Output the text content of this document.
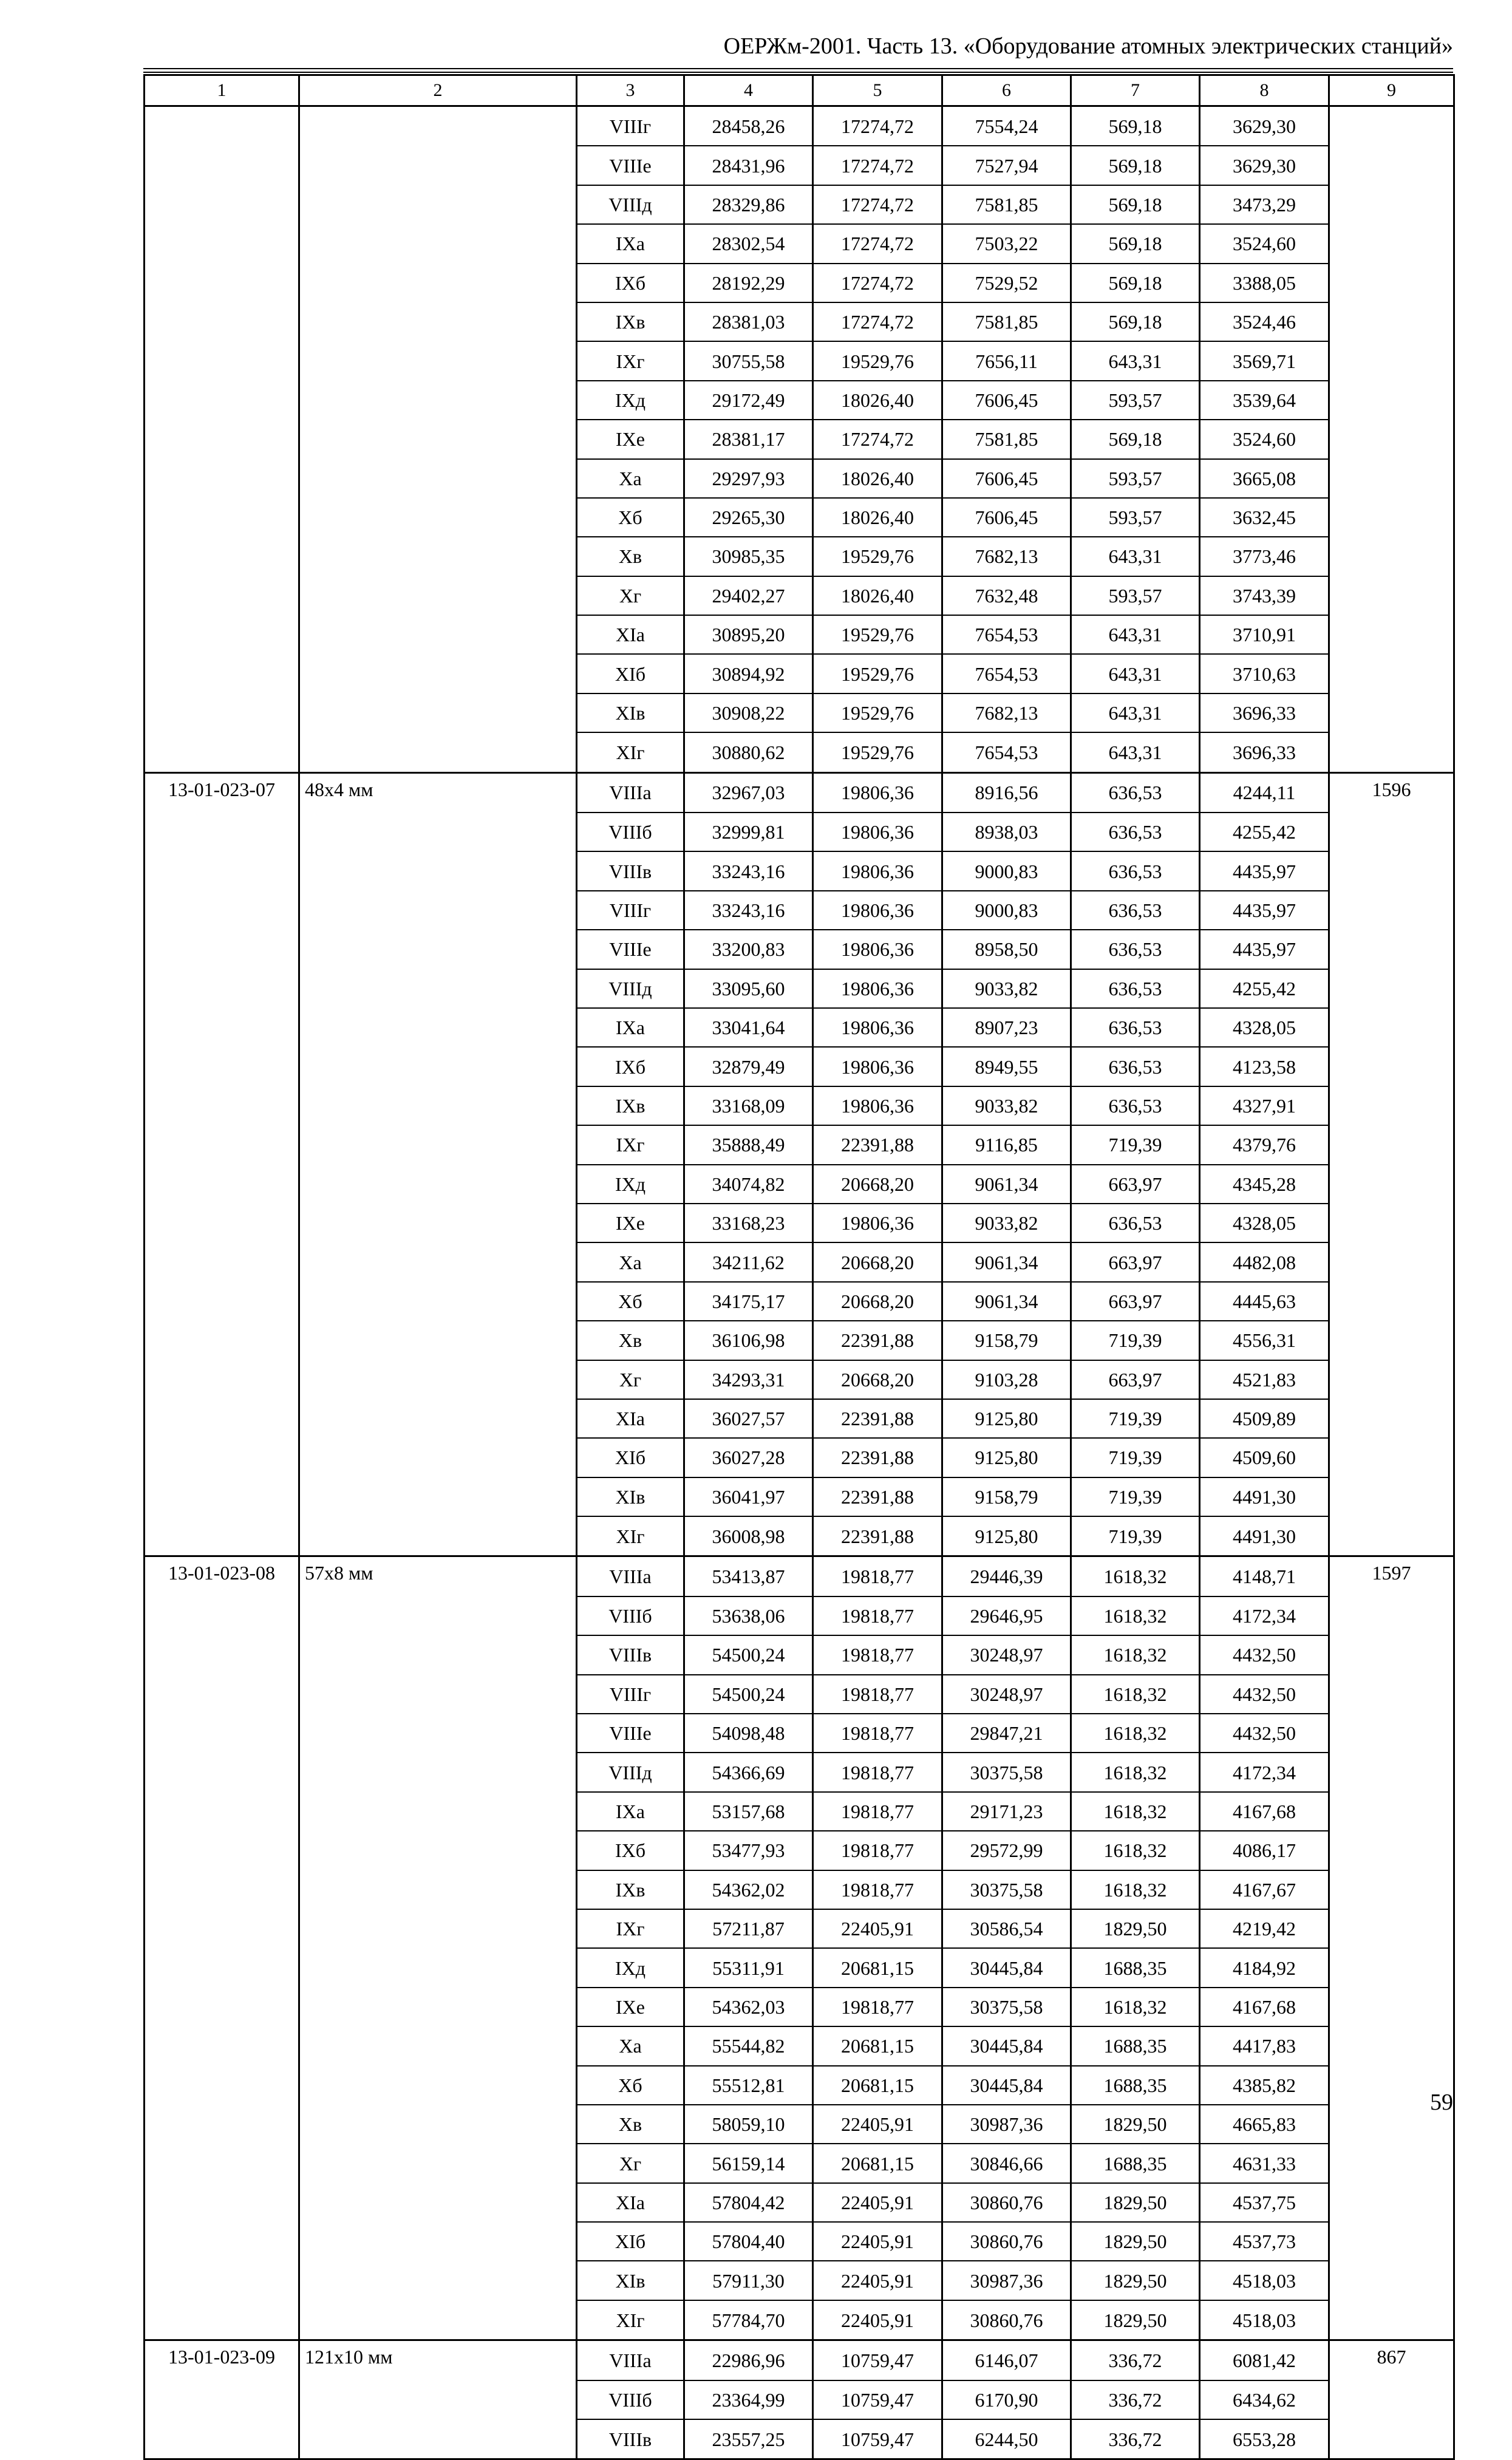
ОЕРЖм-2001. Часть 13. «Оборудование атомных электрических станций»
1	2	3	4	5	6	7	8	9
		VIIIг	28458,26	17274,72	7554,24	569,18	3629,30	
		VIIIе	28431,96	17274,72	7527,94	569,18	3629,30	
		VIIIд	28329,86	17274,72	7581,85	569,18	3473,29	
		IXа	28302,54	17274,72	7503,22	569,18	3524,60	
		IXб	28192,29	17274,72	7529,52	569,18	3388,05	
		IXв	28381,03	17274,72	7581,85	569,18	3524,46	
		IXг	30755,58	19529,76	7656,11	643,31	3569,71	
		IXд	29172,49	18026,40	7606,45	593,57	3539,64	
		IXе	28381,17	17274,72	7581,85	569,18	3524,60	
		Xа	29297,93	18026,40	7606,45	593,57	3665,08	
		Xб	29265,30	18026,40	7606,45	593,57	3632,45	
		Xв	30985,35	19529,76	7682,13	643,31	3773,46	
		Xг	29402,27	18026,40	7632,48	593,57	3743,39	
		XIа	30895,20	19529,76	7654,53	643,31	3710,91	
		XIб	30894,92	19529,76	7654,53	643,31	3710,63	
		XIв	30908,22	19529,76	7682,13	643,31	3696,33	
		XIг	30880,62	19529,76	7654,53	643,31	3696,33	
13-01-023-07	48х4 мм	VIIIа	32967,03	19806,36	8916,56	636,53	4244,11	1596
		VIIIб	32999,81	19806,36	8938,03	636,53	4255,42	
		VIIIв	33243,16	19806,36	9000,83	636,53	4435,97	
		VIIIг	33243,16	19806,36	9000,83	636,53	4435,97	
		VIIIе	33200,83	19806,36	8958,50	636,53	4435,97	
		VIIIд	33095,60	19806,36	9033,82	636,53	4255,42	
		IXа	33041,64	19806,36	8907,23	636,53	4328,05	
		IXб	32879,49	19806,36	8949,55	636,53	4123,58	
		IXв	33168,09	19806,36	9033,82	636,53	4327,91	
		IXг	35888,49	22391,88	9116,85	719,39	4379,76	
		IXд	34074,82	20668,20	9061,34	663,97	4345,28	
		IXе	33168,23	19806,36	9033,82	636,53	4328,05	
		Xа	34211,62	20668,20	9061,34	663,97	4482,08	
		Xб	34175,17	20668,20	9061,34	663,97	4445,63	
		Xв	36106,98	22391,88	9158,79	719,39	4556,31	
		Xг	34293,31	20668,20	9103,28	663,97	4521,83	
		XIа	36027,57	22391,88	9125,80	719,39	4509,89	
		XIб	36027,28	22391,88	9125,80	719,39	4509,60	
		XIв	36041,97	22391,88	9158,79	719,39	4491,30	
		XIг	36008,98	22391,88	9125,80	719,39	4491,30	
13-01-023-08	57х8 мм	VIIIа	53413,87	19818,77	29446,39	1618,32	4148,71	1597
		VIIIб	53638,06	19818,77	29646,95	1618,32	4172,34	
		VIIIв	54500,24	19818,77	30248,97	1618,32	4432,50	
		VIIIг	54500,24	19818,77	30248,97	1618,32	4432,50	
		VIIIе	54098,48	19818,77	29847,21	1618,32	4432,50	
		VIIIд	54366,69	19818,77	30375,58	1618,32	4172,34	
		IXа	53157,68	19818,77	29171,23	1618,32	4167,68	
		IXб	53477,93	19818,77	29572,99	1618,32	4086,17	
		IXв	54362,02	19818,77	30375,58	1618,32	4167,67	
		IXг	57211,87	22405,91	30586,54	1829,50	4219,42	
		IXд	55311,91	20681,15	30445,84	1688,35	4184,92	
		IXе	54362,03	19818,77	30375,58	1618,32	4167,68	
		Xа	55544,82	20681,15	30445,84	1688,35	4417,83	
		Xб	55512,81	20681,15	30445,84	1688,35	4385,82	
		Xв	58059,10	22405,91	30987,36	1829,50	4665,83	
		Xг	56159,14	20681,15	30846,66	1688,35	4631,33	
		XIа	57804,42	22405,91	30860,76	1829,50	4537,75	
		XIб	57804,40	22405,91	30860,76	1829,50	4537,73	
		XIв	57911,30	22405,91	30987,36	1829,50	4518,03	
		XIг	57784,70	22405,91	30860,76	1829,50	4518,03	
13-01-023-09	121х10 мм	VIIIа	22986,96	10759,47	6146,07	336,72	6081,42	867
		VIIIб	23364,99	10759,47	6170,90	336,72	6434,62	
		VIIIв	23557,25	10759,47	6244,50	336,72	6553,28	
59
